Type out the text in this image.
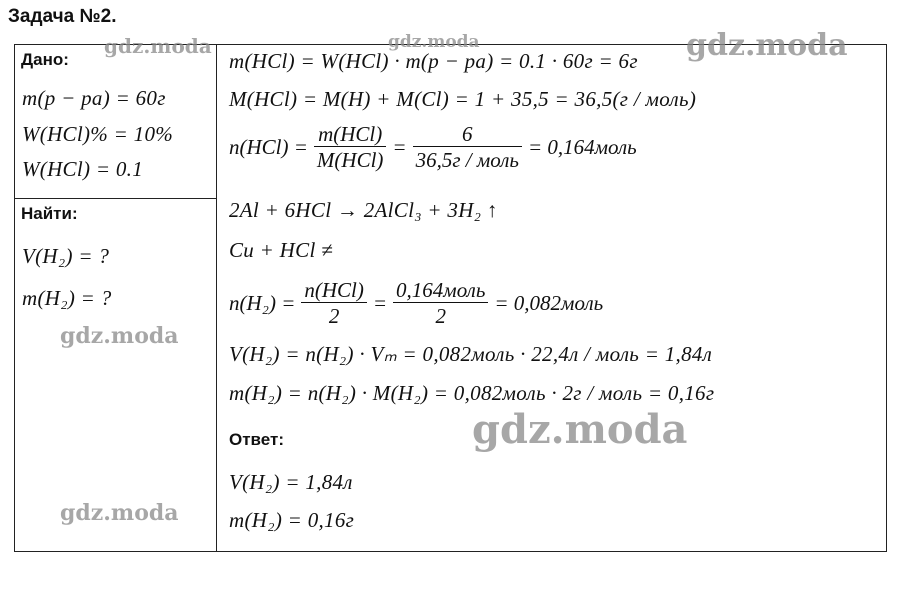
Задача №2.
Дано:
m(p − pa) = 60г
W(HCl)% = 10%
W(HCl) = 0.1
Найти:
V(H₂) = ?
m(H₂) = ?
m(HCl) = W(HCl) · m(p − pa) = 0.1 · 60г = 6г
M(HCl) = M(H) + M(Cl) = 1 + 35,5 = 36,5(г / моль)
$n(HCl) = \frac{\text{m(HCl)}}{\text{M(HCl)}} = \frac{6}{\text{36,5г / моль}}$ = 0,164моль
2Al + 6HCl → 2AlCl₃ + 3H₂ ↑
Cu + HCl ≠
$n(H_2) = \frac{\text{n(HCl)}}{2} = \frac{\text{0,164моль}}{2}$ = 0,082моль
V(H₂) = n(H₂) · Vₘ = 0,082моль · 22,4л / моль = 1,84л
m(H₂) = n(H₂) · M(H₂) = 0,082моль · 2г / моль = 0,16г
Ответ:
V(H₂) = 1,84л
m(H₂) = 0,16г
gdz.moda	gdz.moda	gdz.moda
gdz.moda
gdz.moda
gdz.moda
